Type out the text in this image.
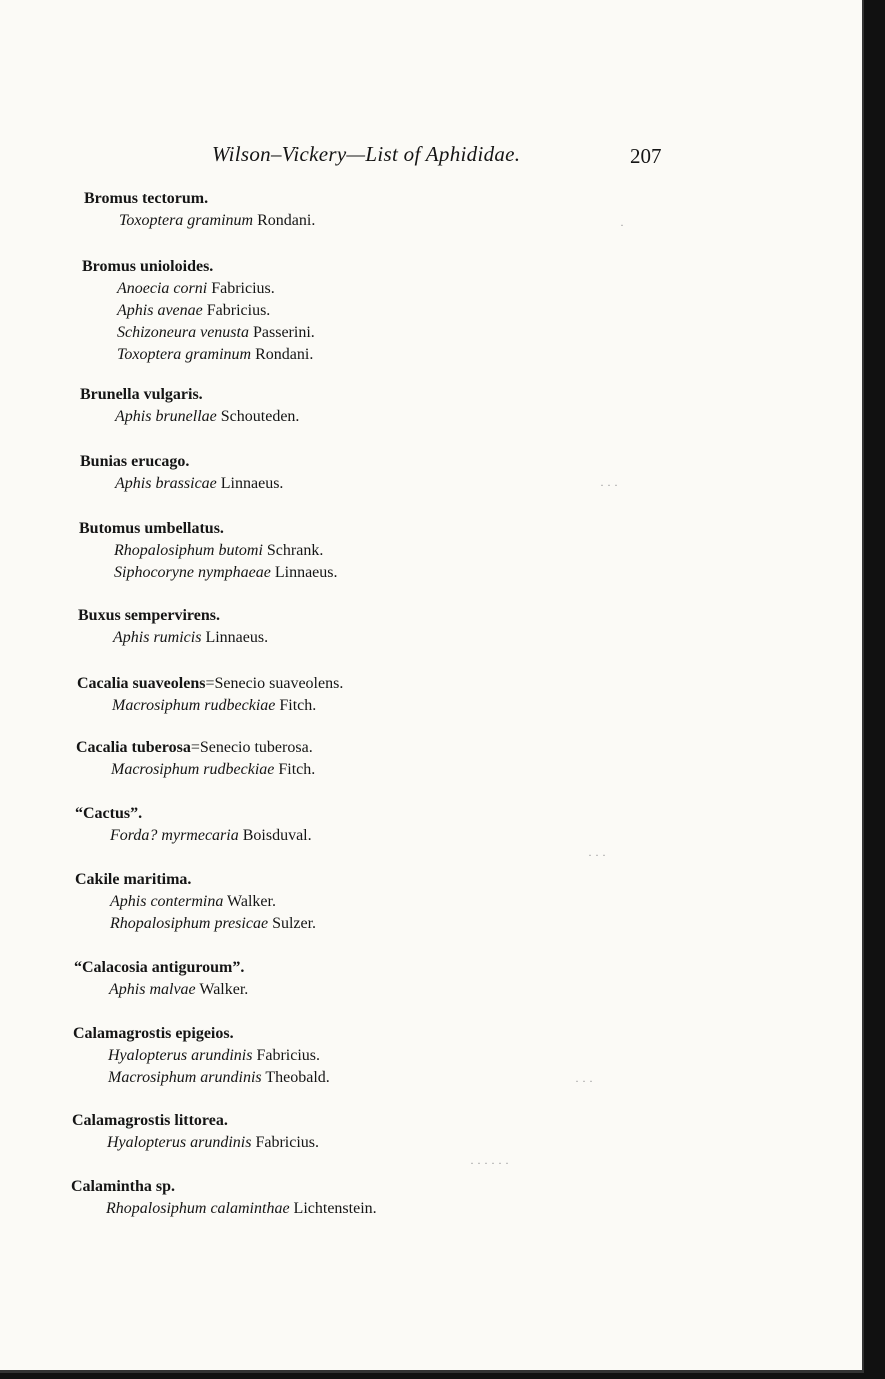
Wilson–Vickery—List of Aphididae.	207
Bromus tectorum.
Toxoptera graminum Rondani.
Bromus unioloides.
Anoecia corni Fabricius.
Aphis avenae Fabricius.
Schizoneura venusta Passerini.
Toxoptera graminum Rondani.
Brunella vulgaris.
Aphis brunellae Schouteden.
Bunias erucago.
Aphis brassicae Linnaeus.
Butomus umbellatus.
Rhopalosiphum butomi Schrank.
Siphocoryne nymphaeae Linnaeus.
Buxus sempervirens.
Aphis rumicis Linnaeus.
Cacalia suaveolens=Senecio suaveolens.
Macrosiphum rudbeckiae Fitch.
Cacalia tuberosa=Senecio tuberosa.
Macrosiphum rudbeckiae Fitch.
“Cactus”.
Forda? myrmecaria Boisduval.
Cakile maritima.
Aphis contermina Walker.
Rhopalosiphum presicae Sulzer.
“Calacosia antiguroum”.
Aphis malvae Walker.
Calamagrostis epigeios.
Hyalopterus arundinis Fabricius.
Macrosiphum arundinis Theobald.
Calamagrostis littorea.
Hyalopterus arundinis Fabricius.
Calamintha sp.
Rhopalosiphum calaminthae Lichtenstein.
·
· · ·
· · ·
· · ·
· · · · · ·
